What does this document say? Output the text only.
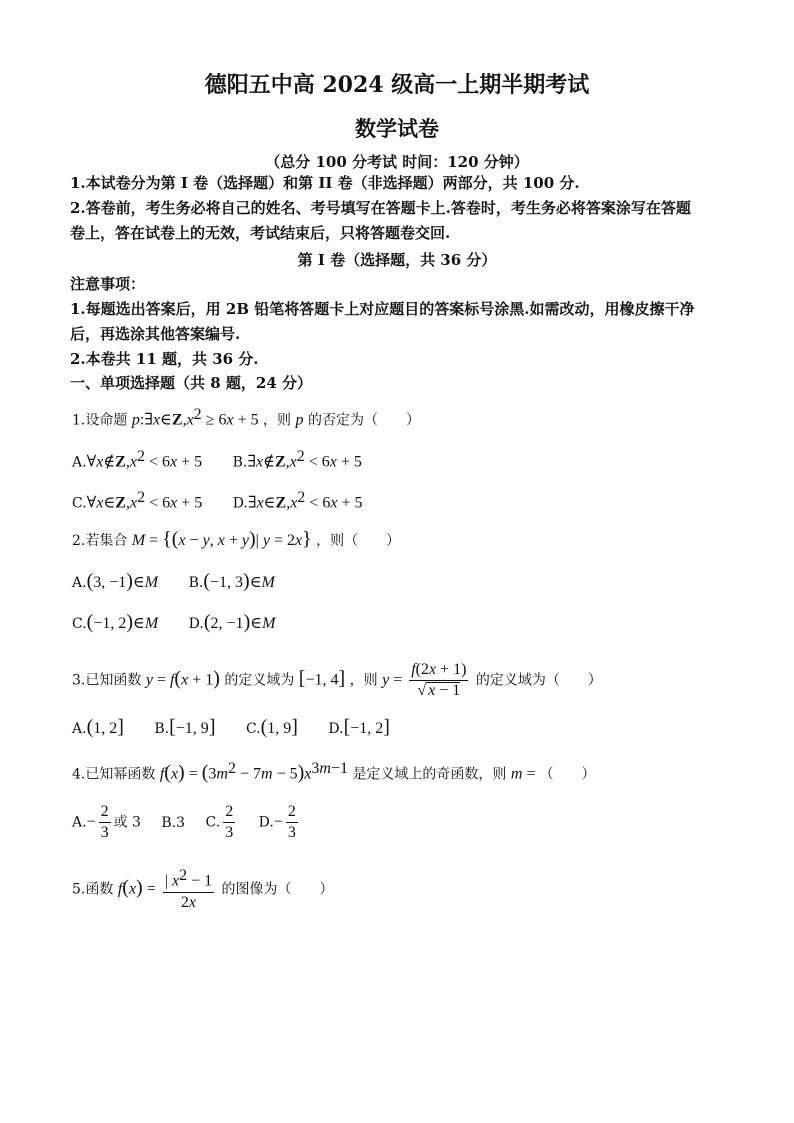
德阳五中高 2024 级高一上期半期考试
数学试卷
（总分 100 分考试 时间：120 分钟）
1.本试卷分为第 I 卷（选择题）和第 II 卷（非选择题）两部分，共 100 分.
2.答卷前，考生务必将自己的姓名、考号填写在答题卡上.答卷时，考生务必将答案涂写在答题
卷上，答在试卷上的无效，考试结束后，只将答题卷交回.
第 I 卷（选择题，共 36 分）
注意事项：
1.每题选出答案后，用 2B 铅笔将答题卡上对应题目的答案标号涂黑.如需改动，用橡皮擦干净
后，再选涂其他答案编号.
2.本卷共 11 题，共 36 分.
一、单项选择题（共 8 题，24 分）
1.设命题 $p:\exists x\in Z,x^2 \ge 6x + 5$ ，则 p 的否定为（　　）
$A.\forall x\notin Z,x^2 < 6x + 5$ $B.\exists x\notin Z,x^2 < 6x + 5$
$C.\forall x\in Z,x^2 < 6x + 5$ $D.\exists x\in Z,x^2 < 6x + 5$
2.若集合 M = {(x − y, x + y)| y = 2x} ，则（　　）
A.(3, −1)∈M B.(−1, 3)∈M
C.(−1, 2)∈M D.(2, −1)∈M
3.已知函数 y = f(x + 1) 的定义域为 [−1, 4] ，则 $y = \frac{f(2x + 1)}{√ x - 1}$ 的定义域为（　　）
A.(1, 2] B.[−1, 9] C.(1, 9] D.[−1, 2]
4.已知幂函数 $f(x) = (3m^2 - 7m - 5)x^{3m-1}$ 是定义域上的奇函数，则 m = （　　）
$A.- \frac{2}{3}$ 或 3 B.3 C. $\frac{2}{3} D.- \frac{2}{3}$
5.函数 $f(x) = \frac{| x^2 - 1}{2x}$ 的图像为（　　）
